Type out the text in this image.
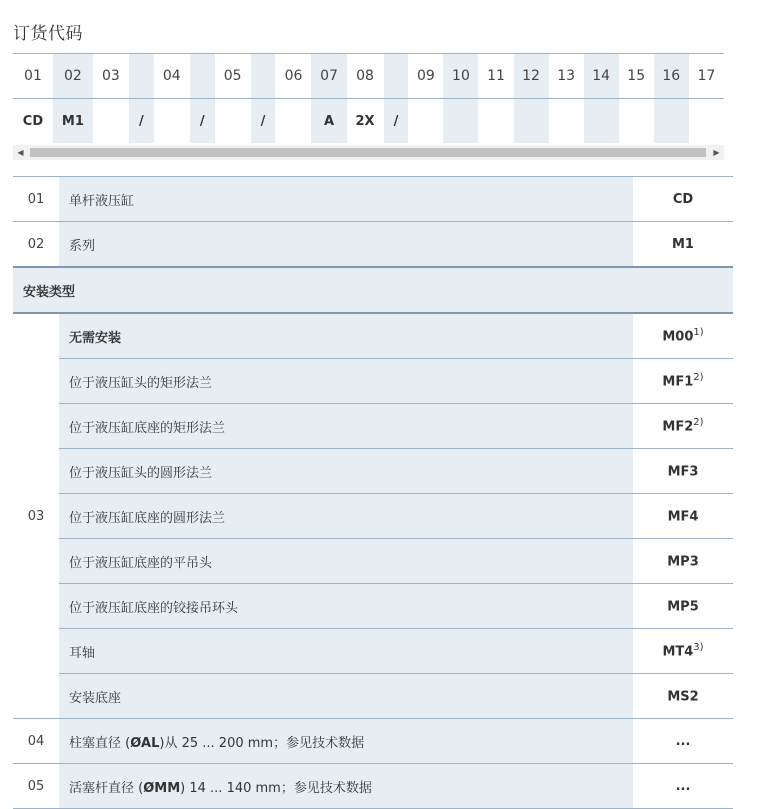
订货代码
01	02	03		04		05		06	07	08		09	10	11	12	13	14	15	16	17
CD	M1		/		/		/		A	2X	/									
◀	▶
01	单杆液压缸	CD
02	系列	M1
安装类型		
03	无需安装	M00$^{1)}$
	位于液压缸头的矩形法兰	MF1$^{2)}$
	位于液压缸底座的矩形法兰	MF2$^{2)}$
	位于液压缸头的圆形法兰	MF3
	位于液压缸底座的圆形法兰	MF4
	位于液压缸底座的平吊头	MP3
	位于液压缸底座的铰接吊环头	MP5
	耳轴	MT4$^{3)}$
	安装底座	MS2
04	柱塞直径 (ØAL)从 25 ... 200 mm；参见技术数据	...
05	活塞杆直径 (ØMM) 14 ... 140 mm；参见技术数据	...
